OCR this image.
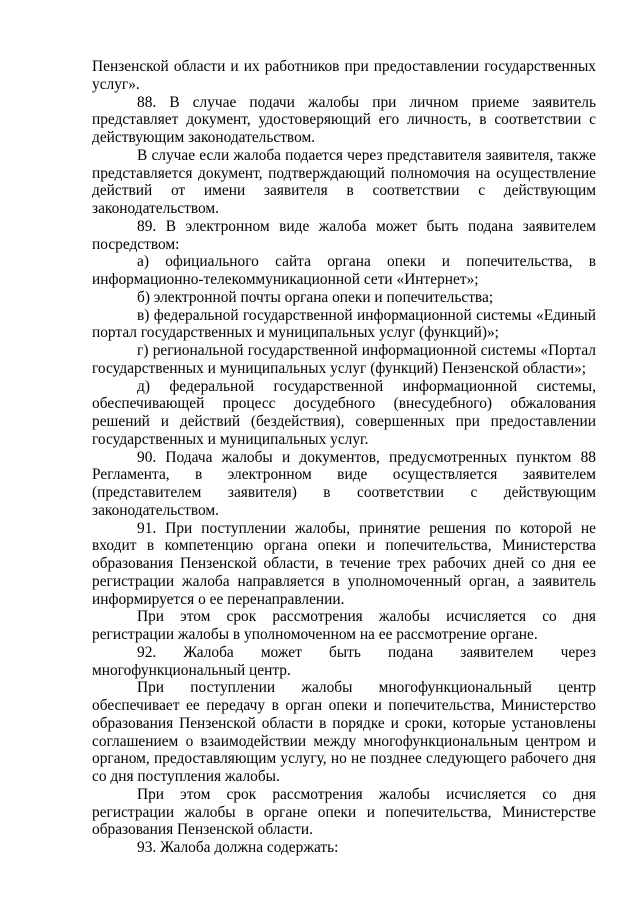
Пензенской области и их работников при предоставлении государственных услуг».

88. В случае подачи жалобы при личном приеме заявитель представляет документ, удостоверяющий его личность, в соответствии с действующим законодательством.

В случае если жалоба подается через представителя заявителя, также представляется документ, подтверждающий полномочия на осуществление действий от имени заявителя в соответствии с действующим законодательством.

89. В электронном виде жалоба может быть подана заявителем посредством:

а) официального сайта органа опеки и попечительства, в информационно-телекоммуникационной сети «Интернет»;

б) электронной почты органа опеки и попечительства;

в) федеральной государственной информационной системы «Единый портал государственных и муниципальных услуг (функций)»;

г) региональной государственной информационной системы «Портал государственных и муниципальных услуг (функций) Пензенской области»;

д) федеральной государственной информационной системы, обеспечивающей процесс досудебного (внесудебного) обжалования решений и действий (бездействия), совершенных при предоставлении государственных и муниципальных услуг.

90. Подача жалобы и документов, предусмотренных пунктом 88 Регламента, в электронном виде осуществляется заявителем (представителем заявителя) в соответствии с действующим законодательством.

91. При поступлении жалобы, принятие решения по которой не входит в компетенцию органа опеки и попечительства, Министерства образования Пензенской области, в течение трех рабочих дней со дня ее регистрации жалоба направляется в уполномоченный орган, а заявитель информируется о ее перенаправлении.

При этом срок рассмотрения жалобы исчисляется со дня регистрации жалобы в уполномоченном на ее рассмотрение органе.

92. Жалоба может быть подана заявителем через многофункциональный центр.

При поступлении жалобы многофункциональный центр обеспечивает ее передачу в орган опеки и попечительства, Министерство образования Пензенской области в порядке и сроки, которые установлены соглашением о взаимодействии между многофункциональным центром и органом, предоставляющим услугу, но не позднее следующего рабочего дня со дня поступления жалобы.

При этом срок рассмотрения жалобы исчисляется со дня регистрации жалобы в органе опеки и попечительства, Министерстве образования Пензенской области.

93. Жалоба должна содержать:
